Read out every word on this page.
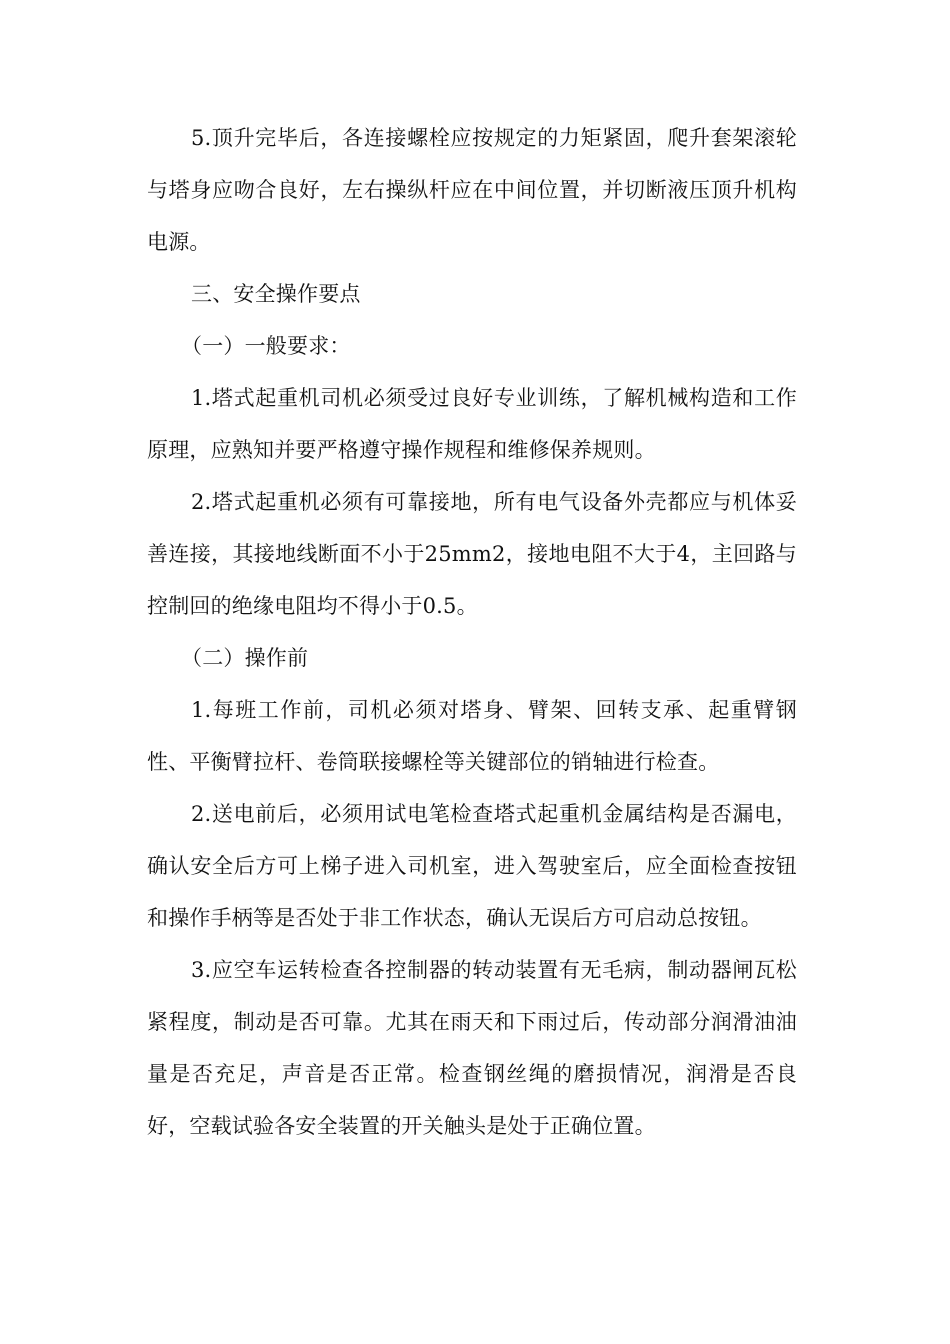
5.顶升完毕后，各连接螺栓应按规定的力矩紧固，爬升套架滚轮与塔身应吻合良好，左右操纵杆应在中间位置，并切断液压顶升机构电源。

三、安全操作要点

（一）一般要求：

1.塔式起重机司机必须受过良好专业训练，了解机械构造和工作原理，应熟知并要严格遵守操作规程和维修保养规则。

2.塔式起重机必须有可靠接地，所有电气设备外壳都应与机体妥善连接，其接地线断面不小于25mm2，接地电阻不大于4，主回路与控制回的绝缘电阻均不得小于0.5。

（二）操作前

1.每班工作前，司机必须对塔身、臂架、回转支承、起重臂钢性、平衡臂拉杆、卷筒联接螺栓等关键部位的销轴进行检查。

2.送电前后，必须用试电笔检查塔式起重机金属结构是否漏电，确认安全后方可上梯子进入司机室，进入驾驶室后，应全面检查按钮和操作手柄等是否处于非工作状态，确认无误后方可启动总按钮。

3.应空车运转检查各控制器的转动装置有无毛病，制动器闸瓦松紧程度，制动是否可靠。尤其在雨天和下雨过后，传动部分润滑油油量是否充足，声音是否正常。检查钢丝绳的磨损情况，润滑是否良好，空载试验各安全装置的开关触头是处于正确位置。
